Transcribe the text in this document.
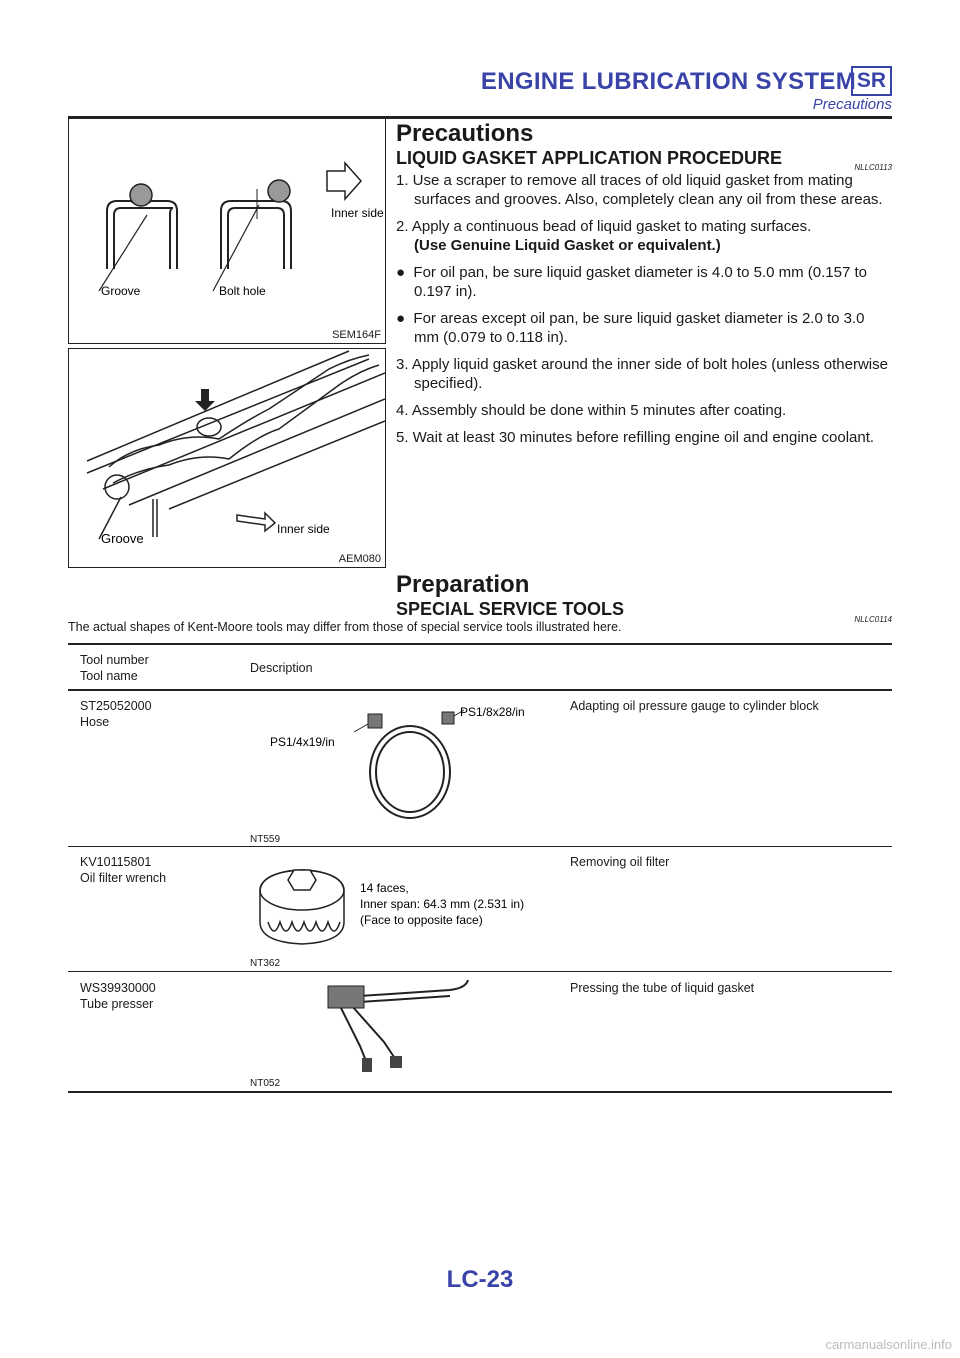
ENGINE LUBRICATION SYSTEM SR
Precautions
Groove	Bolt hole
Inner side
SEM164F
Groove
Inner side
AEM080
Precautions
LIQUID GASKET APPLICATION PROCEDURE	NLLC0113

1. Use a scraper to remove all traces of old liquid gasket from mating surfaces and grooves. Also, completely clean any oil from these areas.

2. Apply a continuous bead of liquid gasket to mating surfaces.
(Use Genuine Liquid Gasket or equivalent.)

●  For oil pan, be sure liquid gasket diameter is 4.0 to 5.0 mm (0.157 to 0.197 in).

●  For areas except oil pan, be sure liquid gasket diameter is 2.0 to 3.0 mm (0.079 to 0.118 in).

3. Apply liquid gasket around the inner side of bolt holes (unless otherwise specified).

4. Assembly should be done within 5 minutes after coating.

5. Wait at least 30 minutes before refilling engine oil and engine coolant.

Preparation
SPECIAL SERVICE TOOLS
NLLC0114
The actual shapes of Kent-Moore tools may differ from those of special service tools illustrated here.
Tool number
Tool name
Description
ST25052000
Hose
PS1/4x19/in
PS1/8x28/in
NT559
Adapting oil pressure gauge to cylinder block
KV10115801
Oil filter wrench
14 faces,
Inner span: 64.3 mm (2.531 in)
(Face to opposite face)
NT362
Removing oil filter
WS39930000
Tube presser
NT052
Pressing the tube of liquid gasket
LC-23
carmanualsonline.info
